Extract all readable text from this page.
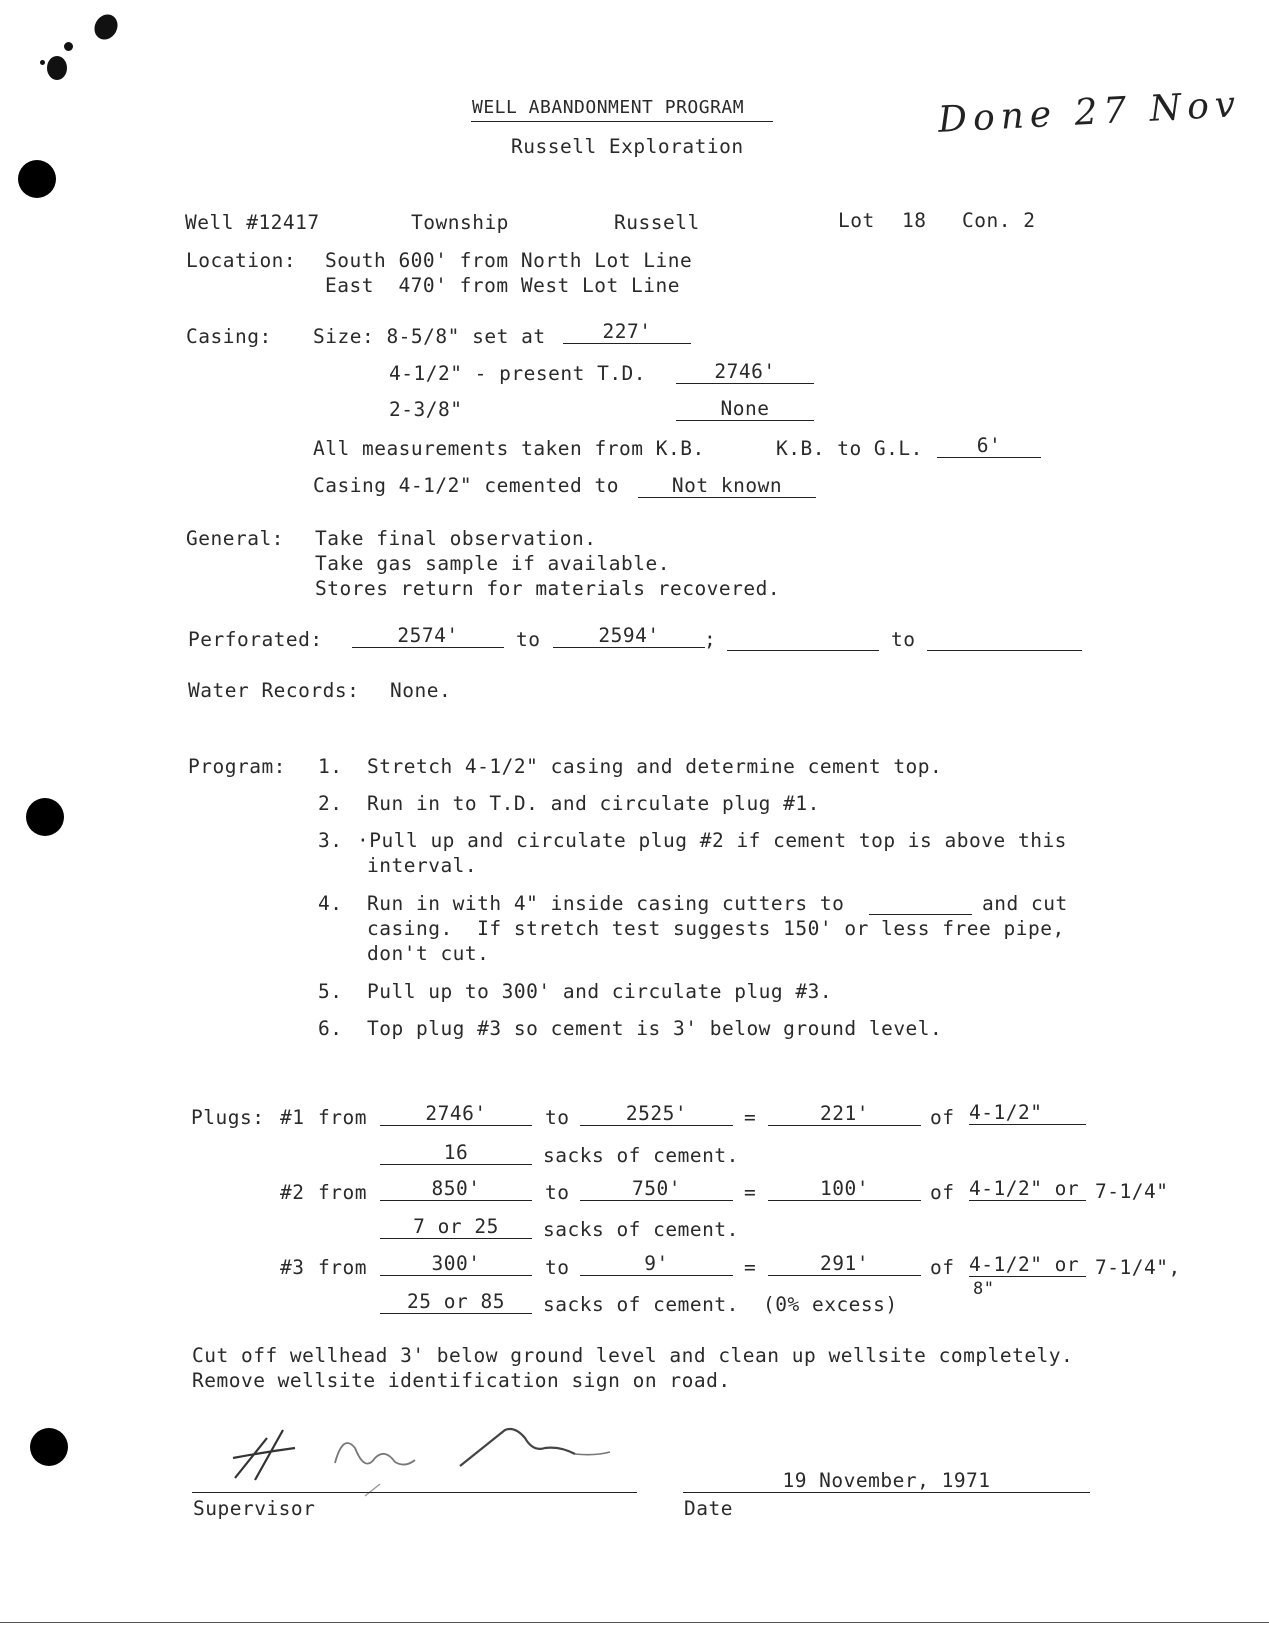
WELL ABANDONMENT PROGRAM
Russell Exploration
Done 27 Nov
Well #12417	Township	Russell	Lot 18 Con. 2
Location: South 600' from North Lot Line
East  470' from West Lot Line
Casing: Size: 8-5/8" set at	227'
4-1/2" - present T.D.	2746'
2-3/8"	None
All measurements taken from K.B.	K.B. to G.L.	6'
Casing 4-1/2" cemented to	Not known
General: Take final observation.
Take gas sample if available.
Stores return for materials recovered.
Perforated:	2574'	to	2594'	;	to
Water Records: None.
Program: 1. Stretch 4-1/2" casing and determine cement top.
2. Run in to T.D. and circulate plug #1.
3. ·Pull up and circulate plug #2 if cement top is above this
interval.
4. Run in with 4" inside casing cutters to	and cut
casing.  If stretch test suggests 150' or less free pipe,
don't cut.
5. Pull up to 300' and circulate plug #3.
6. Top plug #3 so cement is 3' below ground level.
Plugs: #1 from	2746'	to	2525'	=	221'	of 4-1/2"
16	sacks of cement.
#2 from	850'	to	750'	=	100'	of 4-1/2" or 7-1/4"
7 or 25	sacks of cement.
#3 from	300'	to	9'	=	291'	of 4-1/2" or 7-1/4",
8"
25 or 85	sacks of cement. (0% excess)
Cut off wellhead 3' below ground level and clean up wellsite completely.
Remove wellsite identification sign on road.
Supervisor
19 November, 1971
Date
